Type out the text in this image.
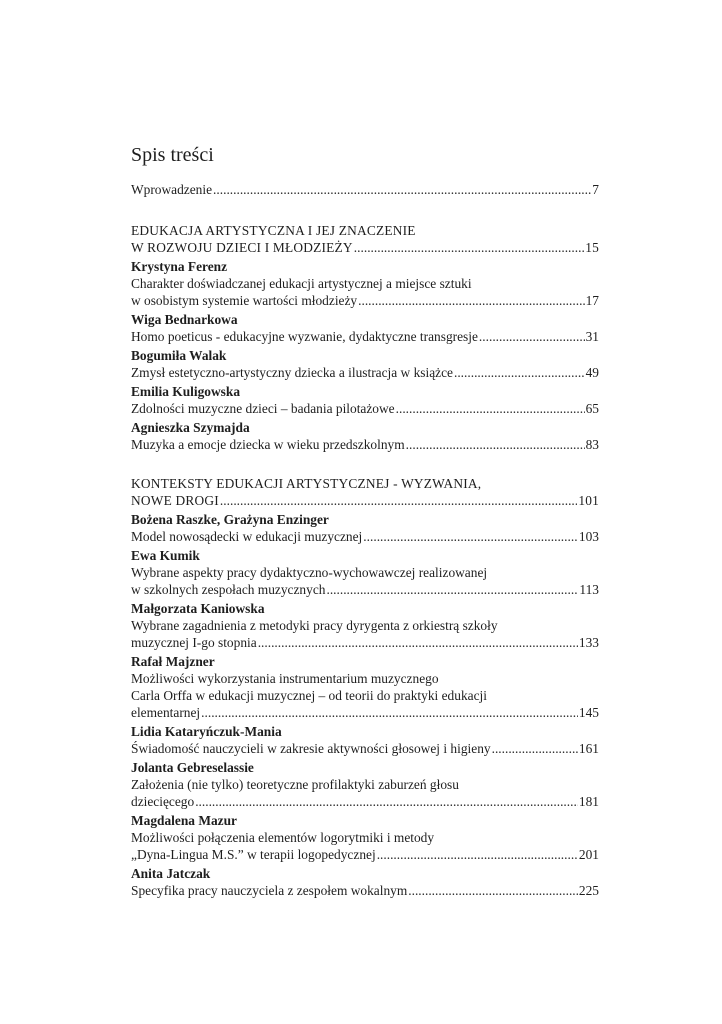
Spis treści
Wprowadzenie .....	7
EDUKACJA ARTYSTYCZNA I JEJ ZNACZENIE
W ROZWOJU DZIECI I MŁODZIEŻY .....	15
Krystyna Ferenz
Charakter doświadczanej edukacji artystycznej a miejsce sztuki
w osobistym systemie wartości młodzieży .....	17
Wiga Bednarkowa
Homo poeticus - edukacyjne wyzwanie, dydaktyczne transgresje .....	31
Bogumiła Walak
Zmysł estetyczno-artystyczny dziecka a ilustracja w książce .....	49
Emilia Kuligowska
Zdolności muzyczne dzieci – badania pilotażowe .....	65
Agnieszka Szymajda
Muzyka a emocje dziecka w wieku przedszkolnym .....	83
KONTEKSTY EDUKACJI ARTYSTYCZNEJ - WYZWANIA,
NOWE DROGI .....	101
Bożena Raszke, Grażyna Enzinger
Model nowosądecki w edukacji muzycznej .....	103
Ewa Kumik
Wybrane aspekty pracy dydaktyczno-wychowawczej realizowanej
w szkolnych zespołach muzycznych .....	113
Małgorzata Kaniowska
Wybrane zagadnienia z metodyki pracy dyrygenta z orkiestrą szkoły
muzycznej I-go stopnia .....	133
Rafał Majzner
Możliwości wykorzystania instrumentarium muzycznego
Carla Orffa w edukacji muzycznej – od teorii do praktyki edukacji
elementarnej .....	145
Lidia Kataryńczuk-Mania
Świadomość nauczycieli w zakresie aktywności głosowej i higieny .....	161
Jolanta Gebreselassie
Założenia (nie tylko) teoretyczne profilaktyki zaburzeń głosu
dziecięcego .....	181
Magdalena Mazur
Możliwości połączenia elementów logorytmiki i metody
„Dyna-Lingua M.S.” w terapii logopedycznej .....	201
Anita Jatczak
Specyfika pracy nauczyciela z zespołem wokalnym .....	225
